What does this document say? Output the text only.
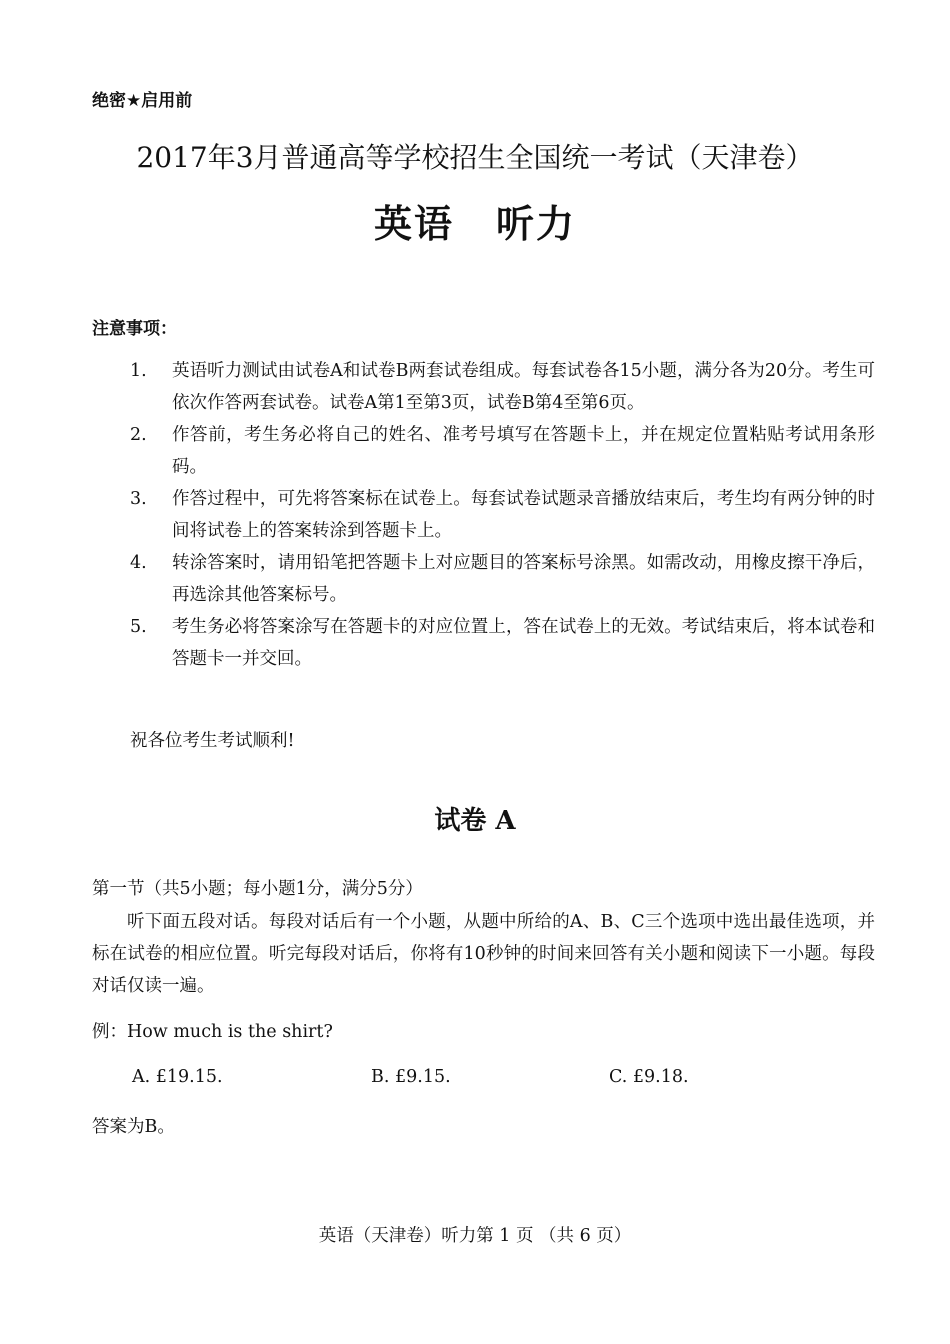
绝密★启用前
2017年3月普通高等学校招生全国统一考试（天津卷）
英语 听力
注意事项：
1.	英语听力测试由试卷A和试卷B两套试卷组成。每套试卷各15小题，满分各为20分。考生可依次作答两套试卷。试卷A第1至第3页，试卷B第4至第6页。
2.	作答前，考生务必将自己的姓名、准考号填写在答题卡上，并在规定位置粘贴考试用条形码。
3.	作答过程中，可先将答案标在试卷上。每套试卷试题录音播放结束后，考生均有两分钟的时间将试卷上的答案转涂到答题卡上。
4.	转涂答案时，请用铅笔把答题卡上对应题目的答案标号涂黑。如需改动，用橡皮擦干净后，再选涂其他答案标号。
5.	考生务必将答案涂写在答题卡的对应位置上，答在试卷上的无效。考试结束后，将本试卷和答题卡一并交回。
祝各位考生考试顺利!
试卷 A
第一节（共5小题；每小题1分，满分5分）

听下面五段对话。每段对话后有一个小题，从题中所给的A、B、C三个选项中选出最佳选项，并标在试卷的相应位置。听完每段对话后，你将有10秒钟的时间来回答有关小题和阅读下一小题。每段对话仅读一遍。

例：How much is the shirt?
A. £19.15.	B. £9.15.	C. £9.18.
答案为B。
英语（天津卷）听力第 1 页 （共 6 页）
